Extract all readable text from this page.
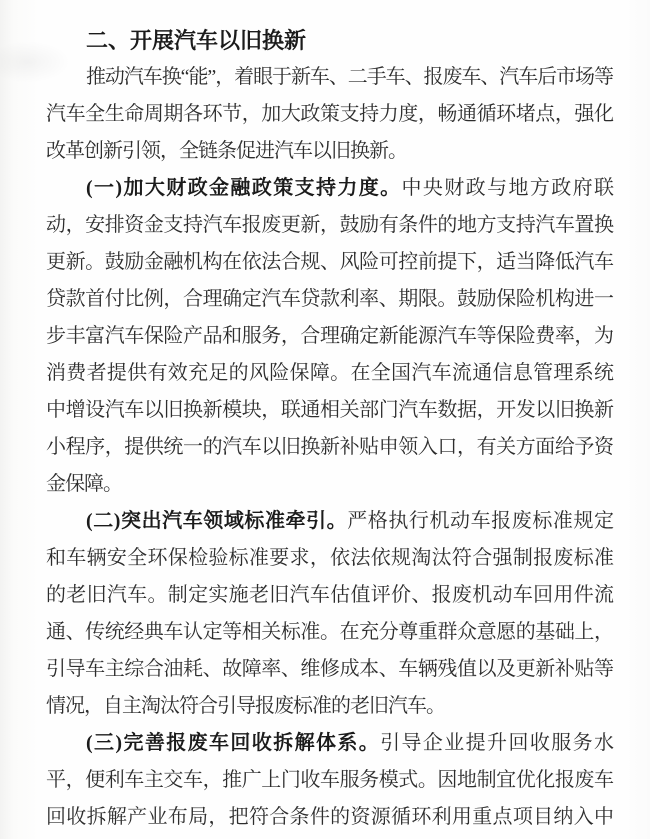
二、开展汽车以旧换新
推动汽车换“能”，着眼于新车、二手车、报废车、汽车后市场等
汽车全生命周期各环节，加大政策支持力度，畅通循环堵点，强化
改革创新引领，全链条促进汽车以旧换新。
(一)加大财政金融政策支持力度。中央财政与地方政府联
动，安排资金支持汽车报废更新，鼓励有条件的地方支持汽车置换
更新。鼓励金融机构在依法合规、风险可控前提下，适当降低汽车
贷款首付比例，合理确定汽车贷款利率、期限。鼓励保险机构进一
步丰富汽车保险产品和服务，合理确定新能源汽车等保险费率，为
消费者提供有效充足的风险保障。在全国汽车流通信息管理系统
中增设汽车以旧换新模块，联通相关部门汽车数据，开发以旧换新
小程序，提供统一的汽车以旧换新补贴申领入口，有关方面给予资
金保障。
(二)突出汽车领域标准牵引。严格执行机动车报废标准规定
和车辆安全环保检验标准要求，依法依规淘汰符合强制报废标准
的老旧汽车。制定实施老旧汽车估值评价、报废机动车回用件流
通、传统经典车认定等相关标准。在充分尊重群众意愿的基础上，
引导车主综合油耗、故障率、维修成本、车辆残值以及更新补贴等
情况，自主淘汰符合引导报废标准的老旧汽车。
(三)完善报废车回收拆解体系。引导企业提升回收服务水
平，便利车主交车，推广上门收车服务模式。因地制宜优化报废车
回收拆解产业布局，把符合条件的资源循环利用重点项目纳入中
